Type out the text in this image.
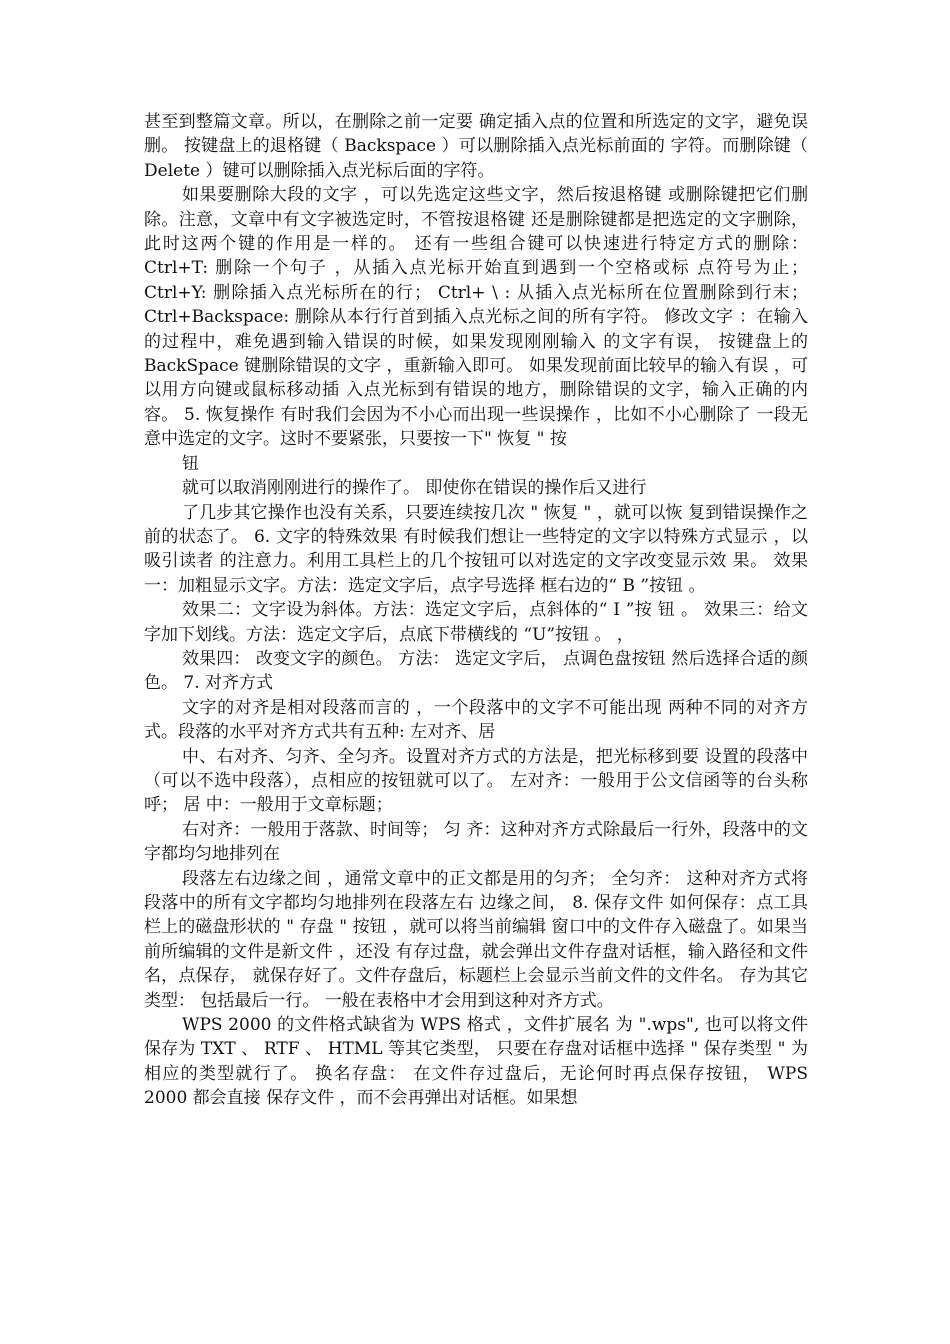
甚至到整篇文章。所以，在删除之前一定要 确定插入点的位置和所选定的文字，避免误删。 按键盘上的退格键（ Backspace ）可以删除插入点光标前面的 字符。而删除键（ Delete ）键可以删除插入点光标后面的字符。

如果要删除大段的文字 ，可以先选定这些文字，然后按退格键 或删除键把它们删除。注意，文章中有文字被选定时，不管按退格键 还是删除键都是把选定的文字删除， 此时这两个键的作用是一样的。 还有一些组合键可以快速进行特定方式的删除： Ctrl+T: 删除一个句子 ，从插入点光标开始直到遇到一个空格或标 点符号为止； Ctrl+Y: 删除插入点光标所在的行； Ctrl+ \ : 从插入点光标所在位置删除到行末； Ctrl+Backspace: 删除从本行行首到插入点光标之间的所有字符。 修改文字 ：在输入的过程中，难免遇到输入错误的时候，如果发现刚刚输入 的文字有误， 按键盘上的 BackSpace 键删除错误的文字 ，重新输入即可。 如果发现前面比较早的输入有误 ，可以用方向键或鼠标移动插 入点光标到有错误的地方，删除错误的文字，输入正确的内容。 5. 恢复操作 有时我们会因为不小心而出现一些误操作 ，比如不小心删除了 一段无意中选定的文字。这时不要紧张，只要按一下" 恢复 " 按

钮

就可以取消刚刚进行的操作了。 即使你在错误的操作后又进行

了几步其它操作也没有关系，只要连续按几次 " 恢复 " ，就可以恢 复到错误操作之前的状态了。 6. 文字的特殊效果 有时候我们想让一些特定的文字以特殊方式显示 ，以吸引读者 的注意力。利用工具栏上的几个按钮可以对选定的文字改变显示效 果。 效果一：加粗显示文字。方法：选定文字后，点字号选择 框右边的“ B ”按钮 。

效果二：文字设为斜体。方法：选定文字后，点斜体的“ I ”按 钮 。 效果三：给文字加下划线。方法：选定文字后，点底下带横线的 “U”按钮 。 ，

效果四： 改变文字的颜色。 方法： 选定文字后， 点调色盘按钮 然后选择合适的颜色。 7. 对齐方式

文字的对齐是相对段落而言的 ，一个段落中的文字不可能出现 两种不同的对齐方式。段落的水平对齐方式共有五种: 左对齐、居

中、右对齐、匀齐、全匀齐。设置对齐方式的方法是，把光标移到要 设置的段落中（可以不选中段落），点相应的按钮就可以了。 左对齐：一般用于公文信函等的台头称呼； 居 中：一般用于文章标题；

右对齐：一般用于落款、时间等； 匀 齐：这种对齐方式除最后一行外，段落中的文字都均匀地排列在

段落左右边缘之间 ，通常文章中的正文都是用的匀齐； 全匀齐： 这种对齐方式将段落中的所有文字都均匀地排列在段落左右 边缘之间， 8. 保存文件 如何保存：点工具栏上的磁盘形状的 " 存盘 " 按钮 ，就可以将当前编辑 窗口中的文件存入磁盘了。如果当前所编辑的文件是新文件 ，还没 有存过盘，就会弹出文件存盘对话框，输入路径和文件名，点保存， 就保存好了。文件存盘后，标题栏上会显示当前文件的文件名。 存为其它类型： 包括最后一行。 一般在表格中才会用到这种对齐方式。

WPS 2000 的文件格式缺省为 WPS 格式 ，文件扩展名 为 ".wps", 也可以将文件保存为 TXT 、 RTF 、 HTML 等其它类型， 只要在存盘对话框中选择 " 保存类型 " 为相应的类型就行了。 换名存盘： 在文件存过盘后，无论何时再点保存按钮， WPS 2000 都会直接 保存文件 ，而不会再弹出对话框。如果想
